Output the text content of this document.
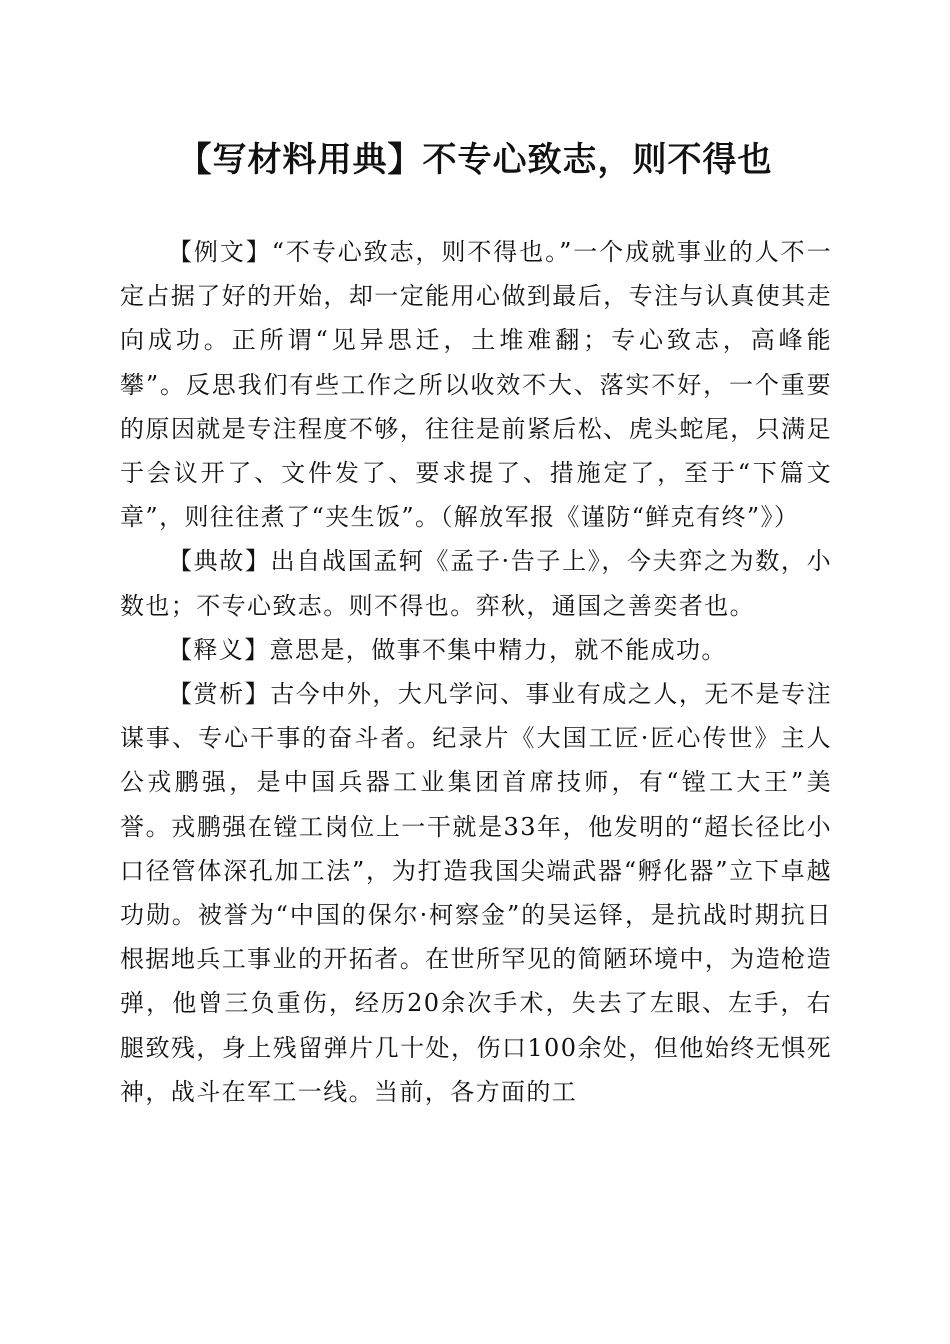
【写材料用典】不专心致志，则不得也

【例文】“不专心致志，则不得也。”一个成就事业的人不一定占据了好的开始，却一定能用心做到最后，专注与认真使其走向成功。正所谓“见异思迁，土堆难翻；专心致志，高峰能攀”。反思我们有些工作之所以收效不大、落实不好，一个重要的原因就是专注程度不够，往往是前紧后松、虎头蛇尾，只满足于会议开了、文件发了、要求提了、措施定了，至于“下篇文章”，则往往煮了“夹生饭”。（解放军报《谨防“鲜克有终”》）

【典故】出自战国孟轲《孟子·告子上》，今夫弈之为数，小数也；不专心致志。则不得也。弈秋，通国之善奕者也。

【释义】意思是，做事不集中精力，就不能成功。

【赏析】古今中外，大凡学问、事业有成之人，无不是专注谋事、专心干事的奋斗者。纪录片《大国工匠·匠心传世》主人公戎鹏强，是中国兵器工业集团首席技师，有“镗工大王”美誉。戎鹏强在镗工岗位上一干就是33年，他发明的“超长径比小口径管体深孔加工法”，为打造我国尖端武器“孵化器”立下卓越功勋。被誉为“中国的保尔·柯察金”的吴运铎，是抗战时期抗日根据地兵工事业的开拓者。在世所罕见的简陋环境中，为造枪造弹，他曾三负重伤，经历20余次手术，失去了左眼、左手，右腿致残，身上残留弹片几十处，伤口100余处，但他始终无惧死神，战斗在军工一线。当前，各方面的工
